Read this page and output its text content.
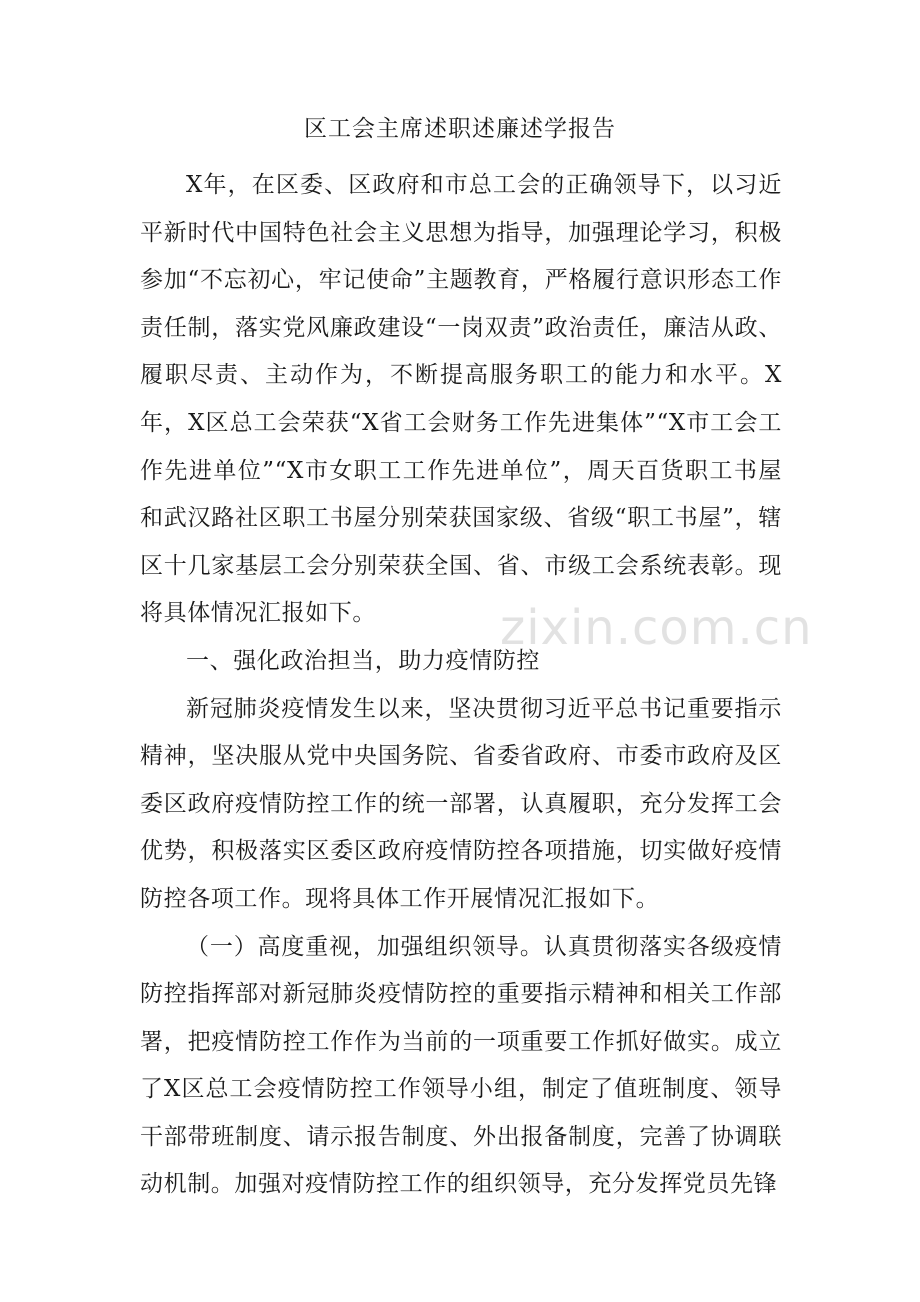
区工会主席述职述廉述学报告

X年，在区委、区政府和市总工会的正确领导下，以习近平新时代中国特色社会主义思想为指导，加强理论学习，积极参加“不忘初心，牢记使命”主题教育，严格履行意识形态工作责任制，落实党风廉政建设“一岗双责”政治责任，廉洁从政、履职尽责、主动作为，不断提高服务职工的能力和水平。X年，X区总工会荣获“X省工会财务工作先进集体”“X市工会工作先进单位”“X市女职工工作先进单位”，周天百货职工书屋和武汉路社区职工书屋分别荣获国家级、省级“职工书屋”，辖区十几家基层工会分别荣获全国、省、市级工会系统表彰。现将具体情况汇报如下。

一、强化政治担当，助力疫情防控

新冠肺炎疫情发生以来，坚决贯彻习近平总书记重要指示精神，坚决服从党中央国务院、省委省政府、市委市政府及区委区政府疫情防控工作的统一部署，认真履职，充分发挥工会优势，积极落实区委区政府疫情防控各项措施，切实做好疫情防控各项工作。现将具体工作开展情况汇报如下。

（一）高度重视，加强组织领导。认真贯彻落实各级疫情防控指挥部对新冠肺炎疫情防控的重要指示精神和相关工作部署，把疫情防控工作作为当前的一项重要工作抓好做实。成立了X区总工会疫情防控工作领导小组，制定了值班制度、领导干部带班制度、请示报告制度、外出报备制度，完善了协调联动机制。加强对疫情防控工作的组织领导，充分发挥党员先锋

zixin.com.cn
